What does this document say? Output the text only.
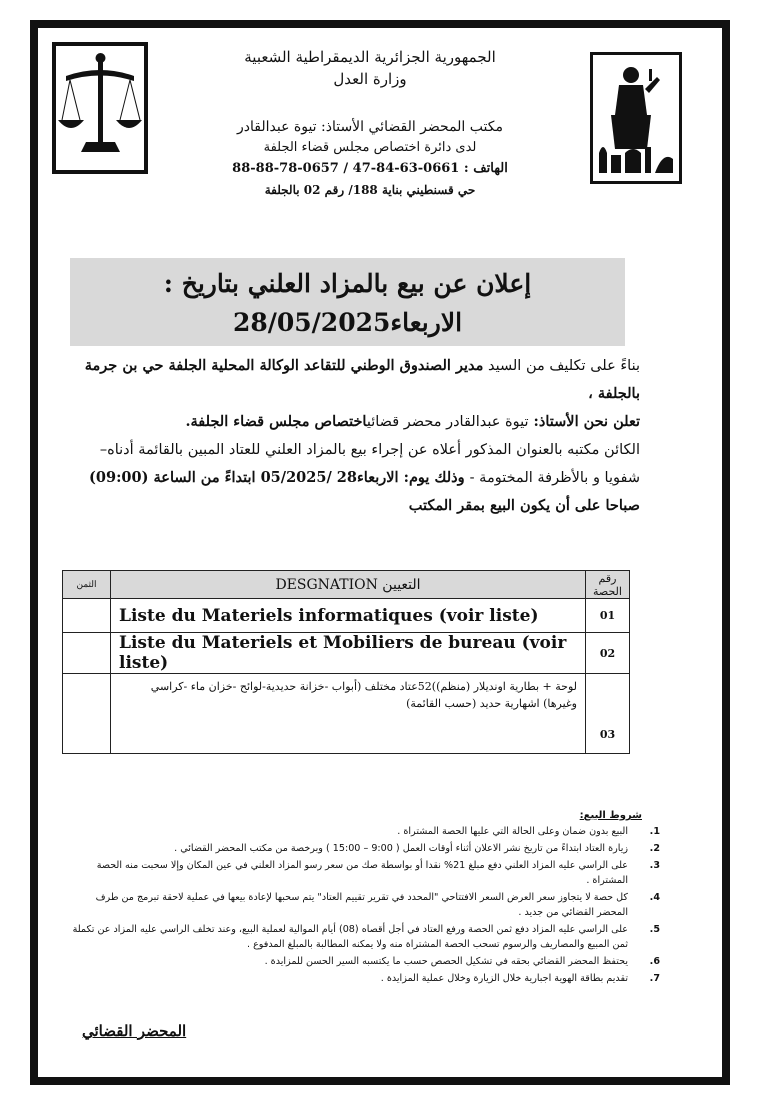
الجمهورية الجزائرية الديمقراطية الشعبية
وزارة العدل
مكتب المحضر القضائي الأستاذ: تيوة عبدالقادر
لدى دائرة اختصاص مجلس قضاء الجلفة
الهاتف : 0661-63-84-47 / 0657-78-88-88
حي قسنطيني بناية 188/ رقم 02 بالجلفة
إعلان عن بيع بالمزاد العلني بتاريخ :
الاربعاء28/05/2025

بناءً على تكليف من السيد مدير الصندوق الوطني للتقاعد الوكالة المحلية الجلفة حي بن جرمة بالجلفة ،

تعلن نحن الأستاذ: تيوة عبدالقادر محضر قضائياختصاص مجلس قضاء الجلفة.

الكائن مكتبه بالعنوان المذكور أعلاه عن إجراء بيع بالمزاد العلني للعتاد المبين بالقائمة أدناه– شفويا و بالأظرفة المختومة - وذلك يوم: الاربعاء28 /05/2025 ابتداءً من الساعة (09:00) صباحا على أن يكون البيع بمقر المكتب

رقم الحصة	التعيين DESGNATION	الثمن
01	Liste du Materiels informatiques (voir liste)	
02	Liste du Materiels et Mobiliers de bureau (voir liste)	
03	لوحة + بطارية اونديلار (منظم))52عتاد مختلف (أبواب -خزانة حديدية-لوائح -خزان ماء -كراسي وغيرها) اشهارية حديد (حسب القائمة)	
شروط البيع:
1.
البيع بدون ضمان وعلى الحالة التي عليها الحصة المشتراة .
2.
زيارة العتاد ابتداءً من تاريخ نشر الاعلان أثناء أوقات العمل ( 9:00 – 15:00 ) وبرخصة من مكتب المحضر القضائي .
3.
على الراسي عليه المزاد العلني دفع مبلغ 21% نقدا أو بواسطة صك من سعر رسو المزاد العلني في عين المكان وإلا سحبت منه الحصة المشتراة .
4.
كل حصة لا يتجاوز سعر العرض السعر الافتتاحي "المحدد في تقرير تقييم العتاد" يتم سحبها لإعادة بيعها في عملية لاحقة تبرمج من طرف المحضر القضائي من جديد .
5.
على الراسي عليه المزاد دفع ثمن الحصة ورفع العتاد في أجل أقصاه (08) أيام الموالية لعملية البيع، وعند تخلف الراسي عليه المزاد عن تكملة ثمن المبيع والمصاريف والرسوم تسحب الحصة المشتراة منه ولا يمكنه المطالبة بالمبلغ المدفوع .
6.
يحتفظ المحضر القضائي بحقه في تشكيل الحصص حسب ما يكتسبه السير الحسن للمزايدة .
7.
تقديم بطاقة الهوية اجبارية خلال الزيارة وخلال عملية المزايدة .
المحضر القضائي
